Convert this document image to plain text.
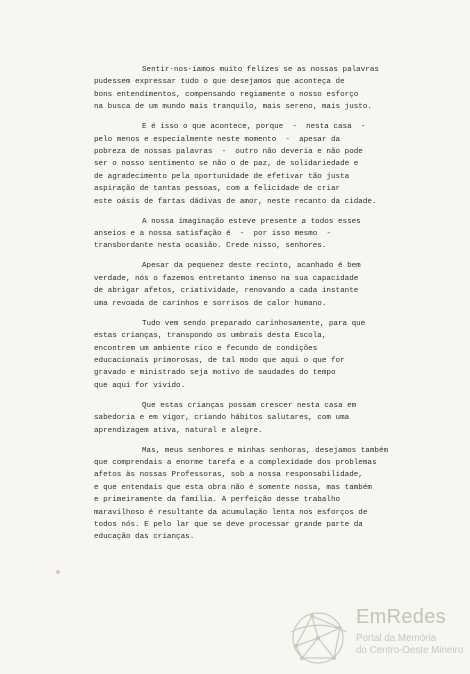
Sentir-nos-íamos muito felizes se as nossas palavras
pudessem expressar tudo o que desejamos que aconteça de
bons entendimentos, compensando regiamente o nosso esforço
na busca de um mundo mais tranquilo, mais sereno, mais justo.

E é isso o que acontece, porque  -  nesta casa  -
pelo menos e especialmente neste momento  -  apesar da
pobreza de nossas palavras  -  outro não deveria e não pode
ser o nosso sentimento se não o de paz, de solidariedade e
de agradecimento pela oportunidade de efetivar tão justa
aspiração de tantas pessoas, com a felicidade de criar
este oásis de fartas dádivas de amor, neste recanto da cidade.

A nossa imaginação esteve presente a todos esses
anseios e a nossa satisfação é  -  por isso mesmo  -
transbordante nesta ocasião. Crede nisso, senhores.

Apesar da pequenez deste recinto, acanhado é bem
verdade, nós o fazemos entretanto imenso na sua capacidade
de abrigar afetos, criatividade, renovando a cada instante
uma revoada de carinhos e sorrisos de calor humano.

Tudo vem sendo preparado carinhosamente, para que
estas crianças, transpondo os umbrais desta Escola,
encontrem um ambiente rico e fecundo de condições
educacionais primorosas, de tal modo que aqui o que for
gravado e ministrado seja motivo de saudades do tempo
que aqui for vivido.

Que estas crianças possam crescer nesta casa em
sabedoria e em vigor, criando hábitos salutares, com uma
aprendizagem ativa, natural e alegre.

Mas, meus senhores e minhas senhoras, desejamos também
que comprendais a enorme tarefa e a complexidade dos problemas
afetos às nossas Professoras, sob a nossa responsabilidade,
e que entendais que esta obra não é somente nossa, mas também
e primeiramente da família. A perfeição desse trabalho
maravilhoso é resultante da acumulação lenta nos esforços de
todos nós. E pelo lar que se deve processar grande parte da
educação das crianças.

EmRedes
Portal da Memória
do Centro-Oeste Mineiro
